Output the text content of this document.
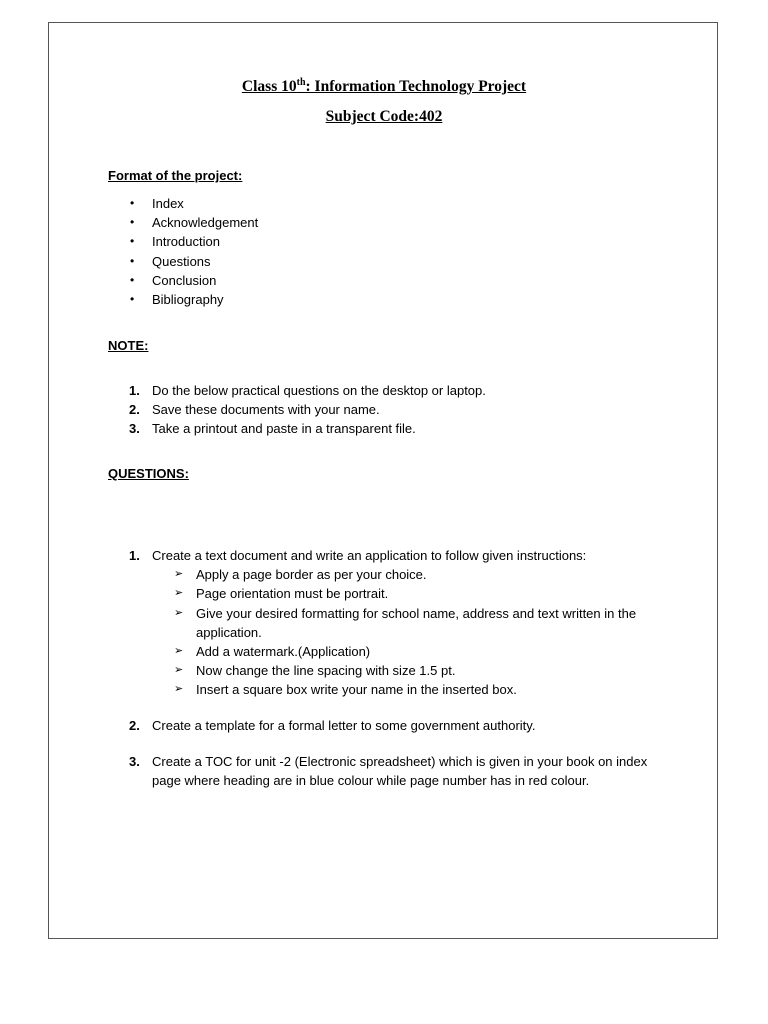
Class 10th: Information Technology Project
Subject Code:402
Format of the project:
• Index
• Acknowledgement
• Introduction
• Questions
• Conclusion
• Bibliography
NOTE:
1. Do the below practical questions on the desktop or laptop.
2. Save these documents with your name.
3. Take a printout and paste in a transparent file.
QUESTIONS:
1. Create a text document and write an application to follow given instructions:
➢ Apply a page border as per your choice.
➢ Page orientation must be portrait.
➢ Give your desired formatting for school name, address and text written in the application.
➢ Add a watermark.(Application)
➢ Now change the line spacing with size 1.5 pt.
➢ Insert a square box write your name in the inserted box.
2. Create a template for a formal letter to some government authority.
3. Create a TOC for unit -2 (Electronic spreadsheet) which is given in your book on index page where heading are in blue colour while page number has in red colour.
